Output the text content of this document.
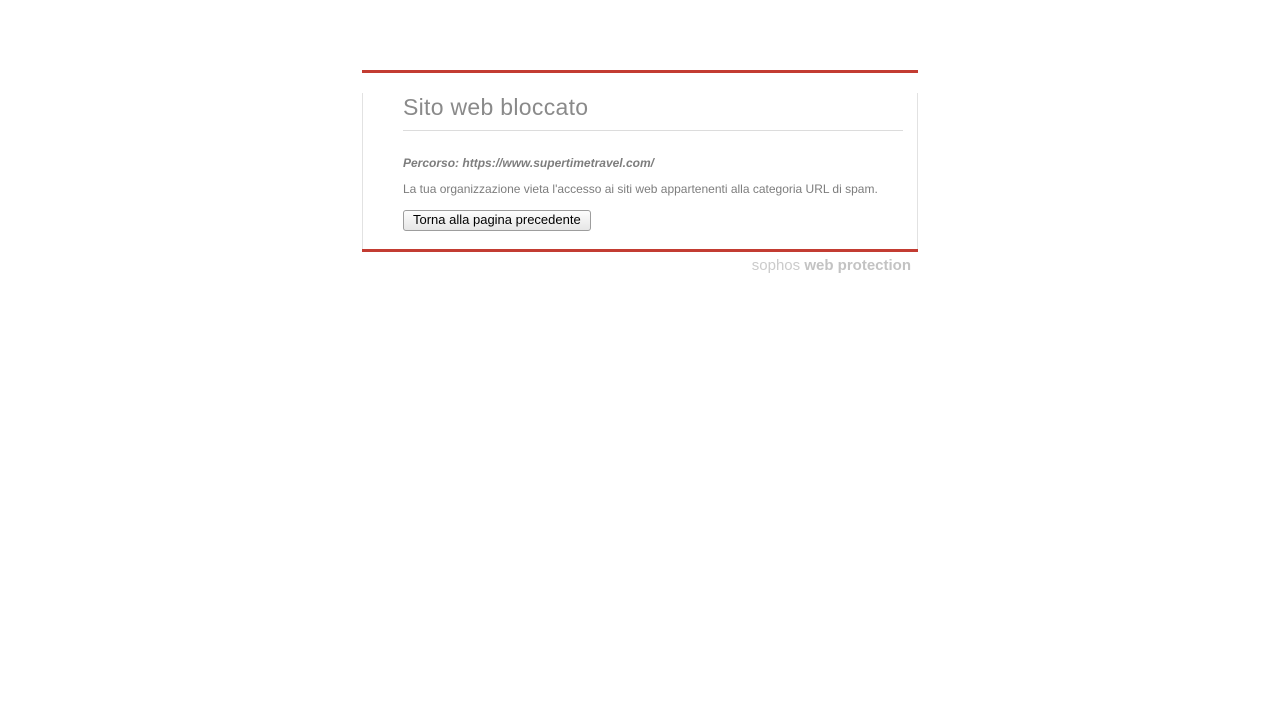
Sito web bloccato

Percorso: https://www.supertimetravel.com/

La tua organizzazione vieta l'accesso ai siti web appartenenti alla categoria URL di spam.

Torna alla pagina precedente
sophos web protection
